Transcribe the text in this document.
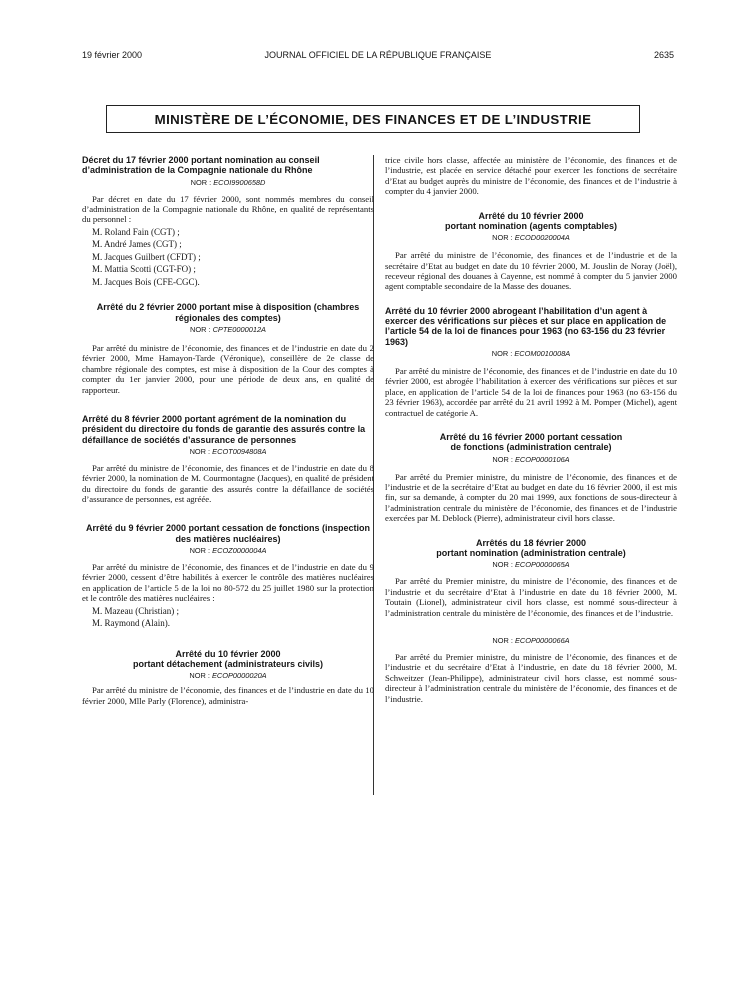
19 février 2000	JOURNAL OFFICIEL DE LA RÉPUBLIQUE FRANÇAISE	2635
MINISTÈRE DE L’ÉCONOMIE, DES FINANCES ET DE L’INDUSTRIE
Décret du 17 février 2000 portant nomination au conseil d’administration de la Compagnie nationale du Rhône
NOR : ECOI9900658D

Par décret en date du 17 février 2000, sont nommés membres du conseil d’administration de la Compagnie nationale du Rhône, en qualité de représentants du personnel :

M. Roland Fain (CGT) ;
M. André James (CGT) ;
M. Jacques Guilbert (CFDT) ;
M. Mattia Scotti (CGT-FO) ;
M. Jacques Bois (CFE-CGC).
Arrêté du 2 février 2000 portant mise à disposition (chambres régionales des comptes)
NOR : CPTE0000012A

Par arrêté du ministre de l’économie, des finances et de l’industrie en date du 2 février 2000, Mme Hamayon-Tarde (Véronique), conseillère de 2e classe de chambre régionale des comptes, est mise à disposition de la Cour des comptes à compter du 1er janvier 2000, pour une période de deux ans, en qualité de rapporteur.

Arrêté du 8 février 2000 portant agrément de la nomination du président du directoire du fonds de garantie des assurés contre la défaillance de sociétés d’assurance de personnes
NOR : ECOT0094808A

Par arrêté du ministre de l’économie, des finances et de l’industrie en date du 8 février 2000, la nomination de M. Courmontagne (Jacques), en qualité de président du directoire du fonds de garantie des assurés contre la défaillance de sociétés d’assurance de personnes, est agréée.

Arrêté du 9 février 2000 portant cessation de fonctions (inspection des matières nucléaires)
NOR : ECOZ0000004A

Par arrêté du ministre de l’économie, des finances et de l’industrie en date du 9 février 2000, cessent d’être habilités à exercer le contrôle des matières nucléaires en application de l’article 5 de la loi no 80-572 du 25 juillet 1980 sur la protection et le contrôle des matières nucléaires :

M. Mazeau (Christian) ;
M. Raymond (Alain).
Arrêté du 10 février 2000
portant détachement (administrateurs civils)
NOR : ECOP0000020A

Par arrêté du ministre de l’économie, des finances et de l’industrie en date du 10 février 2000, Mlle Parly (Florence), administra-

trice civile hors classe, affectée au ministère de l’économie, des finances et de l’industrie, est placée en service détaché pour exercer les fonctions de secrétaire d’Etat au budget auprès du ministre de l’économie, des finances et de l’industrie à compter du 4 janvier 2000.

Arrêté du 10 février 2000
portant nomination (agents comptables)
NOR : ECOD0020004A

Par arrêté du ministre de l’économie, des finances et de l’industrie et de la secrétaire d’Etat au budget en date du 10 février 2000, M. Jouslin de Noray (Joël), receveur régional des douanes à Cayenne, est nommé à compter du 5 janvier 2000 agent comptable secondaire de la Masse des douanes.

Arrêté du 10 février 2000 abrogeant l’habilitation d’un agent à exercer des vérifications sur pièces et sur place en application de l’article 54 de la loi de finances pour 1963 (no 63-156 du 23 février 1963)
NOR : ECOM0010008A

Par arrêté du ministre de l’économie, des finances et de l’industrie en date du 10 février 2000, est abrogée l’habilitation à exercer des vérifications sur pièces et sur place, en application de l’article 54 de la loi de finances pour 1963 (no 63-156 du 23 février 1963), accordée par arrêté du 21 avril 1992 à M. Pomper (Michel), agent contractuel de catégorie A.

Arrêté du 16 février 2000 portant cessation
de fonctions (administration centrale)
NOR : ECOP0000106A

Par arrêté du Premier ministre, du ministre de l’économie, des finances et de l’industrie et de la secrétaire d’Etat au budget en date du 16 février 2000, il est mis fin, sur sa demande, à compter du 20 mai 1999, aux fonctions de sous-directeur à l’administration centrale du ministère de l’économie, des finances et de l’industrie exercées par M. Deblock (Pierre), administrateur civil hors classe.

Arrêtés du 18 février 2000
portant nomination (administration centrale)
NOR : ECOP0000065A

Par arrêté du Premier ministre, du ministre de l’économie, des finances et de l’industrie et du secrétaire d’Etat à l’industrie en date du 18 février 2000, M. Toutain (Lionel), administrateur civil hors classe, est nommé sous-directeur à l’administration centrale du ministère de l’économie, des finances et de l’industrie.

NOR : ECOP0000066A

Par arrêté du Premier ministre, du ministre de l’économie, des finances et de l’industrie et du secrétaire d’Etat à l’industrie, en date du 18 février 2000, M. Schweitzer (Jean-Philippe), administrateur civil hors classe, est nommé sous-directeur à l’administration centrale du ministère de l’économie, des finances et de l’industrie.
